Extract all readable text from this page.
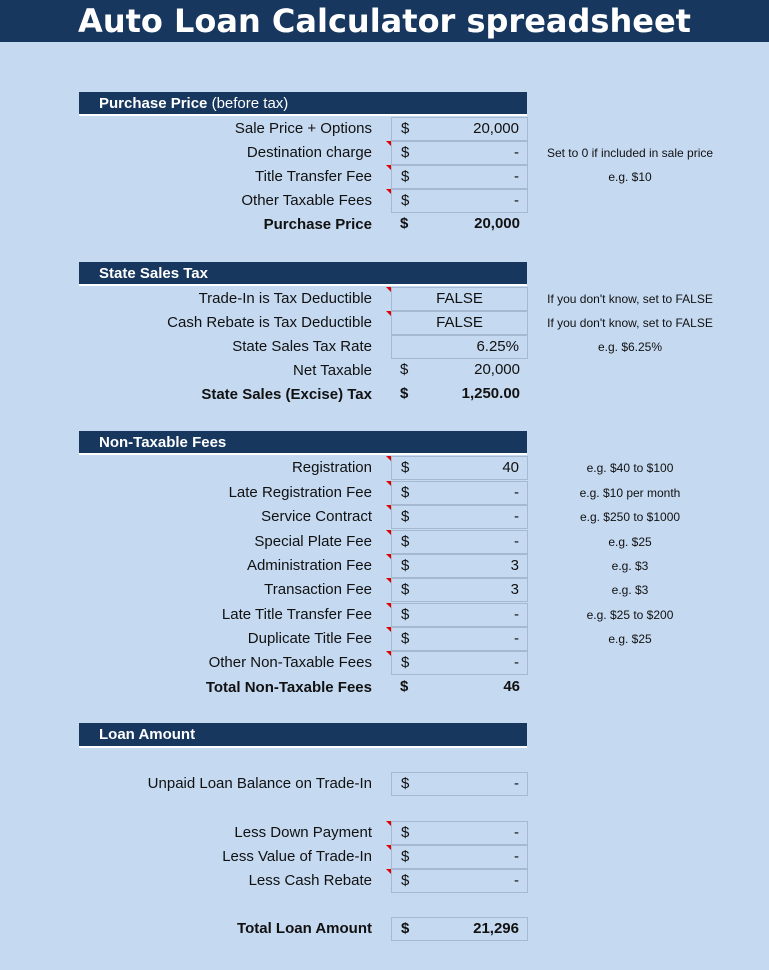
Auto Loan Calculator spreadsheet
Purchase Price (before tax)
Sale Price + Options $	20,000
Destination charge $	-	Set to 0 if included in sale price
Title Transfer Fee $	-	e.g. $10
Other Taxable Fees $	-
Purchase Price $	20,000
State Sales Tax
Trade-In is Tax Deductible	FALSE	If you don't know, set to FALSE
Cash Rebate is Tax Deductible	FALSE	If you don't know, set to FALSE
State Sales Tax Rate	6.25%	e.g. $6.25%
Net Taxable $	20,000
State Sales (Excise) Tax $	1,250.00
Non-Taxable Fees
Registration $	40	e.g. $40 to $100
Late Registration Fee $	-	e.g. $10 per month
Service Contract $	-	e.g. $250 to $1000
Special Plate Fee $	-	e.g. $25
Administration Fee $	3	e.g. $3
Transaction Fee $	3	e.g. $3
Late Title Transfer Fee $	-	e.g. $25 to $200
Duplicate Title Fee $	-	e.g. $25
Other Non-Taxable Fees $	-
Total Non-Taxable Fees $	46
Loan Amount
Unpaid Loan Balance on Trade-In $	-
Less Down Payment $	-
Less Value of Trade-In $	-
Less Cash Rebate $	-
Total Loan Amount $	21,296
